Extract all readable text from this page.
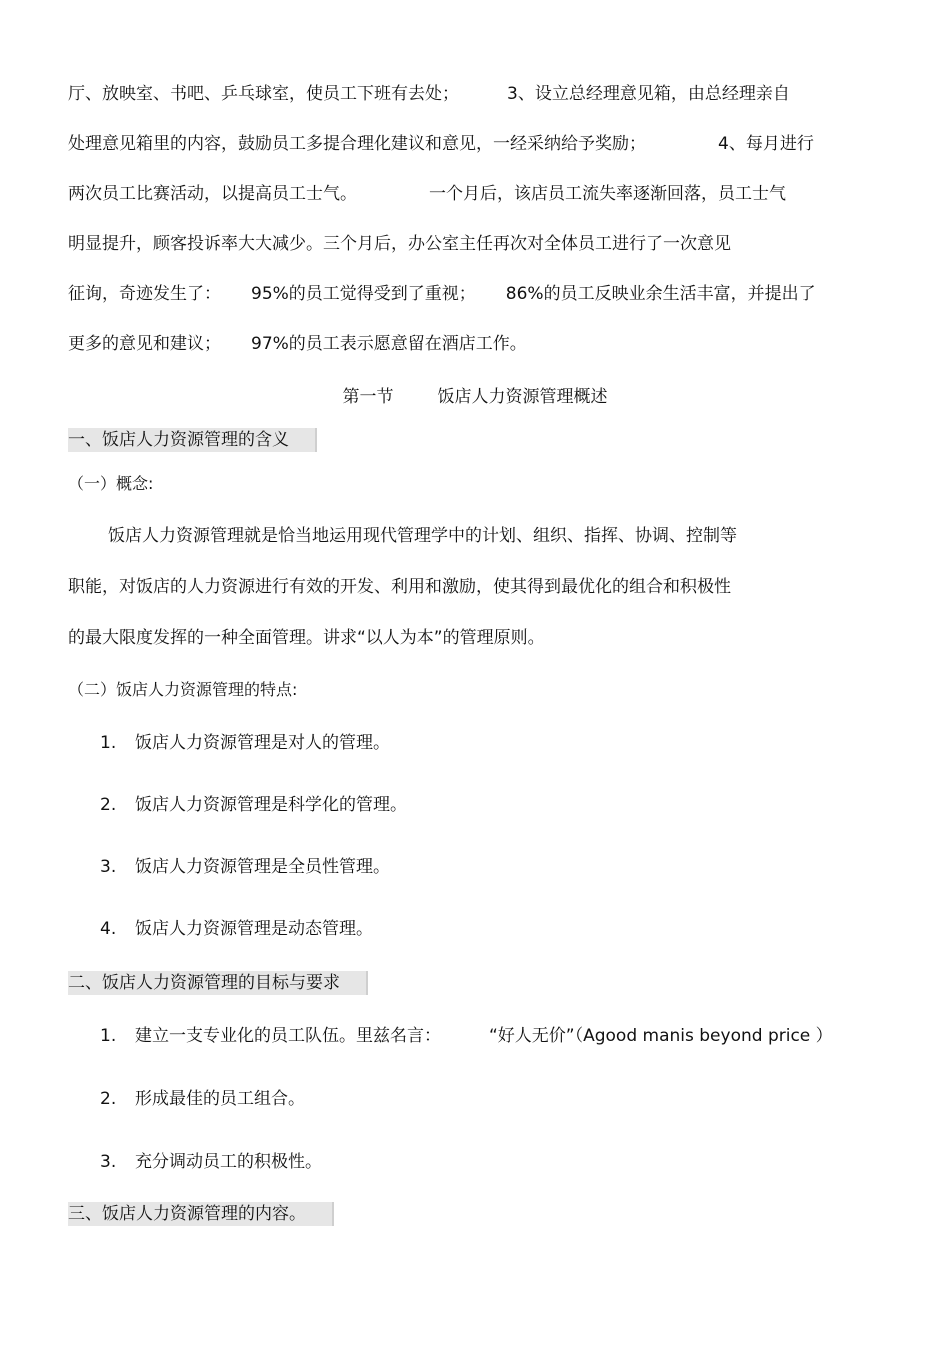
厅、放映室、书吧、乒乓球室，使员工下班有去处；	3、设立总经理意见箱，由总经理亲自
处理意见箱里的内容，鼓励员工多提合理化建议和意见，一经采纳给予奖励；	4、每月进行
两次员工比赛活动，以提高员工士气。	一个月后，该店员工流失率逐渐回落，员工士气
明显提升，顾客投诉率大大减少。三个月后，办公室主任再次对全体员工进行了一次意见
征询，奇迹发生了： 95%的员工觉得受到了重视； 86%的员工反映业余生活丰富，并提出了
更多的意见和建议； 97%的员工表示愿意留在酒店工作。
第一节	饭店人力资源管理概述
一、饭店人力资源管理的含义
（一）概念:
饭店人力资源管理就是恰当地运用现代管理学中的计划、组织、指挥、协调、控制等
职能，对饭店的人力资源进行有效的开发、利用和激励，使其得到最优化的组合和积极性
的最大限度发挥的一种全面管理。讲求“以人为本”的管理原则。
（二）饭店人力资源管理的特点:
1. 饭店人力资源管理是对人的管理。
2. 饭店人力资源管理是科学化的管理。
3. 饭店人力资源管理是全员性管理。
4. 饭店人力资源管理是动态管理。
二、饭店人力资源管理的目标与要求
1. 建立一支专业化的员工队伍。里兹名言：	“好人无价”（Agood manis beyond price ）
2. 形成最佳的员工组合。
3. 充分调动员工的积极性。
三、饭店人力资源管理的内容。
